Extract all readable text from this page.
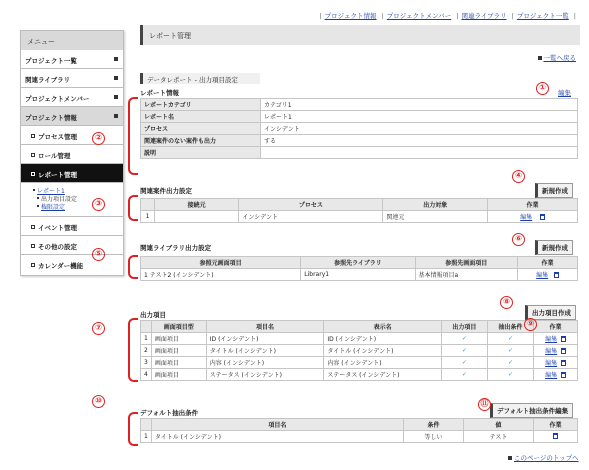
| プロジェクト情報 | プロジェクトメンバー | 関連ライブラリ | プロジェクト一覧 |
メニュー
プロジェクト一覧
関連ライブラリ
プロジェクトメンバー
プロジェクト情報
プロセス管理
ロール管理
レポート管理
レポート1
出力項目設定
権限設定
イベント管理
その他の設定
カレンダー機能
レポート管理
一覧へ戻る
データレポート - 出力項目設定
レポート情報	編集
レポートカテゴリ	カテゴリ1
レポート名	レポート1
プロセス	インシデント
関連案件のない案件も出力	する
説明	
関連案件出力設定	新規作成
	接続元	プロセス	出力対象	作業
1		インシデント	関連元	編集
関連ライブラリ出力設定	新規作成
参照元画面項目	参照先ライブラリ	参照先画面項目	作業
1 テスト2 (インシデント)	Library1	基本情報項目a	編集
出力項目	出力項目作成
	画面項目型	項目名	表示名	出力項目	抽出条件	作業
1	画面項目	ID (インシデント)	ID (インシデント)	✓	✓	編集
2	画面項目	タイトル (インシデント)	タイトル (インシデント)	✓	✓	編集
3	画面項目	内容 (インシデント)	内容 (インシデント)	✓	✓	編集
4	画面項目	ステータス (インシデント)	ステータス (インシデント)	✓	✓	編集
デフォルト抽出条件	デフォルト抽出条件編集
	項目名	条件	値	作業
1	タイトル (インシデント)	等しい	テスト	
このページのトップへ
①
②
④
③
⑥
⑤
⑧
⑨
⑦
⑩	⑪
